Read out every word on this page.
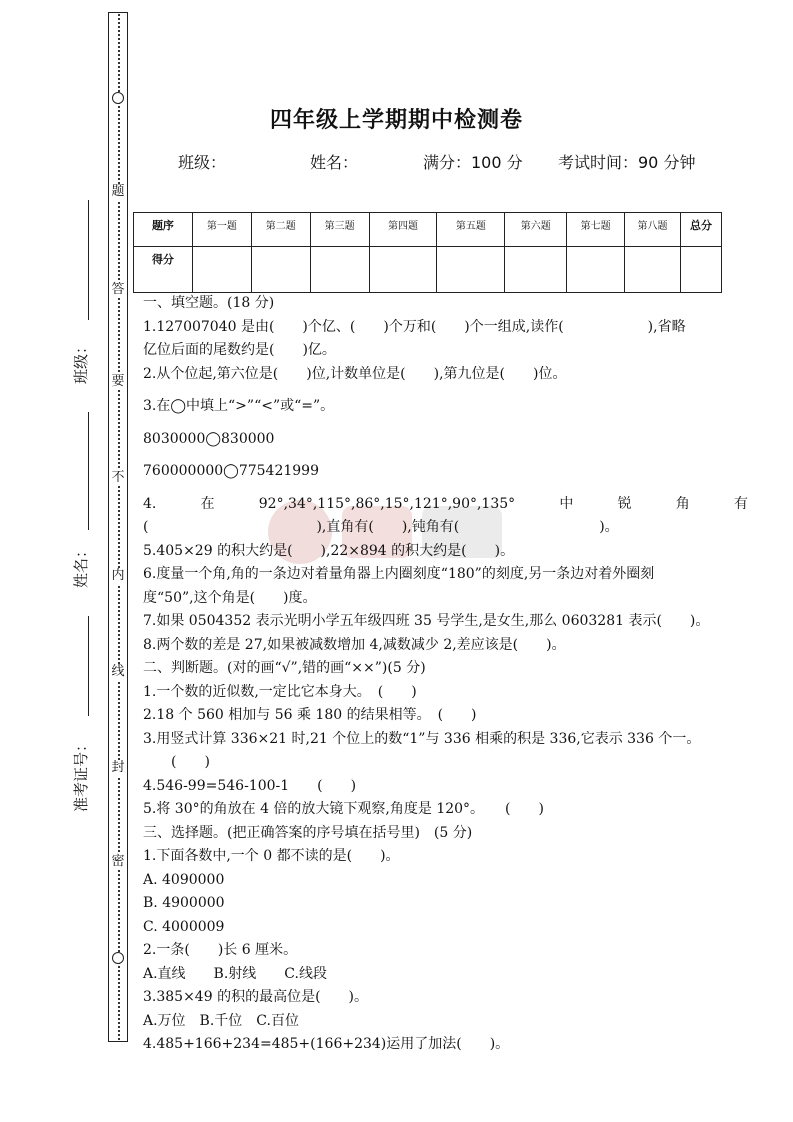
题
答
要
不
内
线
封
密
班级：
姓名：
准考证号：
四年级上学期期中检测卷
班级：	姓名：	满分：100 分 考试时间：90 分钟
题序	第一题	第二题	第三题	第四题	第五题	第六题	第七题	第八题	总分
得分									
一、填空题。(18 分)
1.127007040 是由(　　)个亿、(　　)个万和(　　)个一组成,读作(　　　　　　),省略
亿位后面的尾数约是(　　)亿。
2.从个位起,第六位是(　　)位,计数单位是(　　),第九位是(　　)位。
3.在◯中填上“>”“<”或“=”。
8030000◯830000
760000000◯775421999
4.	在	92°,34°,115°,86°,15°,121°,90°,135°	中	锐	角	有
(　　　　　　　　　　　　),直角有(　　),钝角有(　　　　　　　　　　)。
5.405×29 的积大约是(　　),22×894 的积大约是(　　)。
6.度量一个角,角的一条边对着量角器上内圈刻度“180”的刻度,另一条边对着外圈刻
度“50”,这个角是(　　)度。
7.如果 0504352 表示光明小学五年级四班 35 号学生,是女生,那么 0603281 表示(　　)。
8.两个数的差是 27,如果被减数增加 4,减数减少 2,差应该是(　　)。
二、判断题。(对的画“√”,错的画“××”)(5 分)
1.一个数的近似数,一定比它本身大。　(　　)
2.18 个 560 相加与 56 乘 180 的结果相等。　(　　)
3.用竖式计算 336×21 时,21 个位上的数“1”与 336 相乘的积是 336,它表示 336 个一。
(　　)
4.546-99=546-100-1　　(　　)
5.将 30°的角放在 4 倍的放大镜下观察,角度是 120°。　　(　　)
三、选择题。(把正确答案的序号填在括号里)　(5 分)
1.下面各数中,一个 0 都不读的是(　　)。
A. 4090000
B. 4900000
C. 4000009
2.一条(　　)长 6 厘米。
A.直线　　B.射线　　C.线段
3.385×49 的积的最高位是(　　)。
A.万位　B.千位　C.百位
4.485+166+234=485+(166+234)运用了加法(　　)。
